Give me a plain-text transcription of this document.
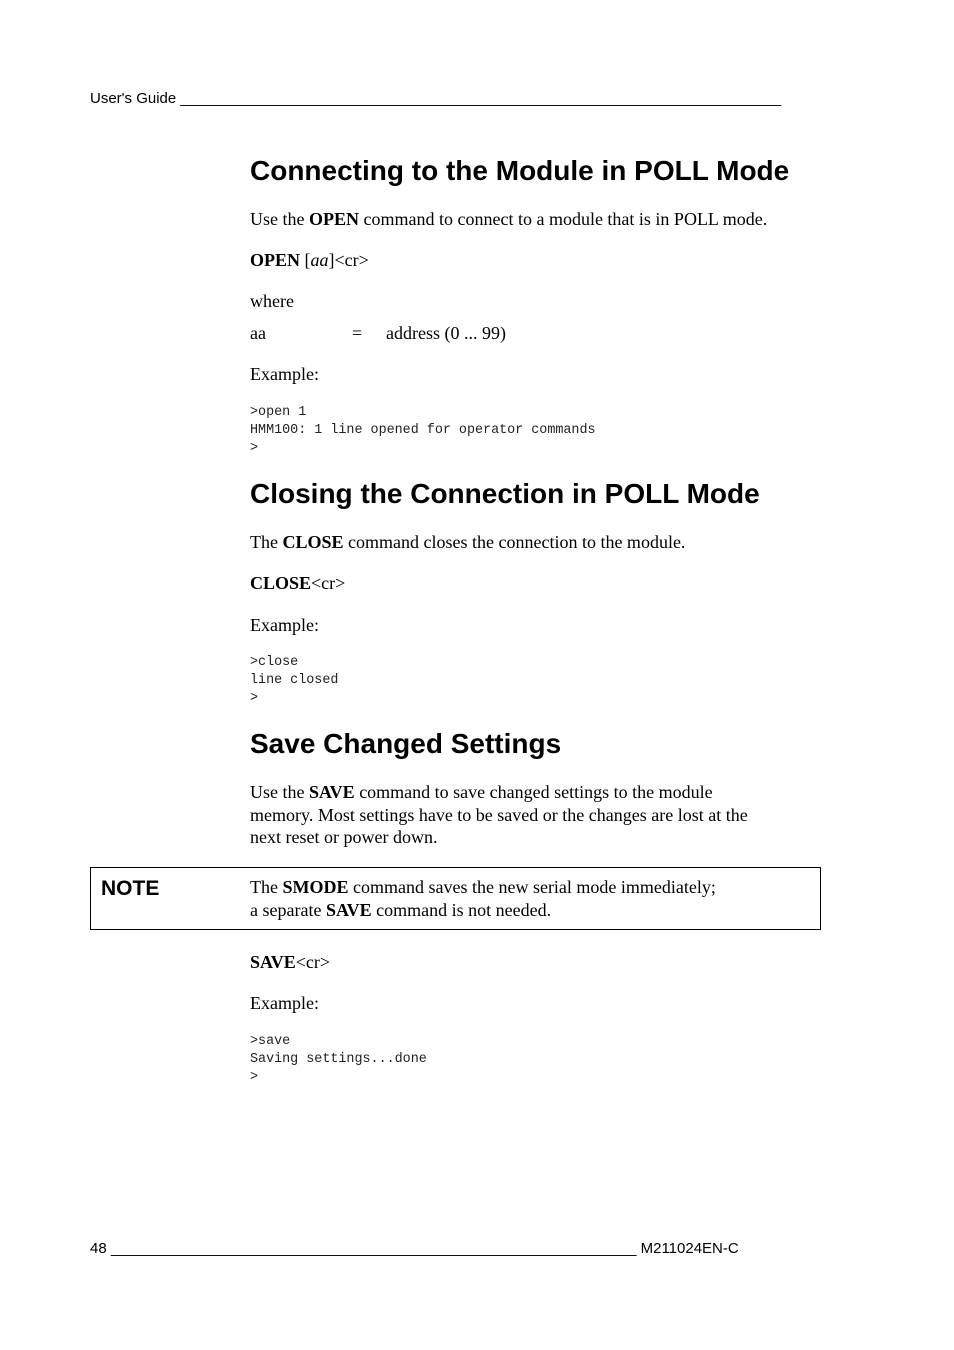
User's Guide ________________________________________________________________________
Connecting to the Module in POLL Mode
Use the OPEN command to connect to a module that is in POLL mode.
OPEN [aa]<cr>
where
aa	= address (0 ... 99)
Example:
>open 1
HMM100: 1 line opened for operator commands
>
Closing the Connection in POLL Mode
The CLOSE command closes the connection to the module.
CLOSE<cr>
Example:
>close
line closed
>
Save Changed Settings
Use the SAVE command to save changed settings to the module
memory. Most settings have to be saved or the changes are lost at the
next reset or power down.
NOTE	The SMODE command saves the new serial mode immediately;
a separate SAVE command is not needed.
SAVE<cr>
Example:
>save
Saving settings...done
>
48 _______________________________________________________________ M211024EN-C
